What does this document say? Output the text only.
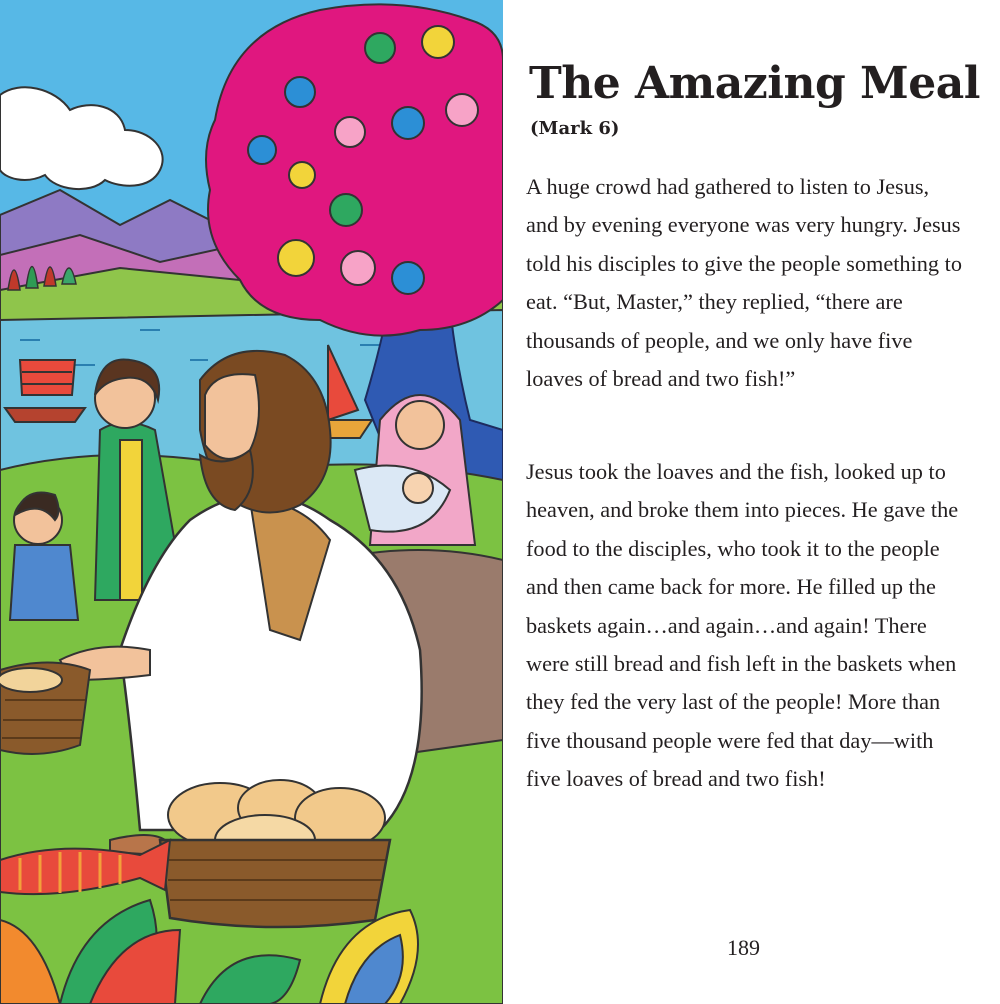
The Amazing Meal

(Mark 6)

A huge crowd had gathered to listen to Jesus, and by evening everyone was very hungry. Jesus told his disciples to give the people something to eat. “But, Master,” they replied, “there are thousands of people, and we only have five loaves of bread and two fish!”

Jesus took the loaves and the fish, looked up to heaven, and broke them into pieces. He gave the food to the disciples, who took it to the people and then came back for more. He filled up the baskets again…and again…and again! There were still bread and fish left in the baskets when they fed the very last of the people! More than five thousand people were fed that day—with five loaves of bread and two fish!

189
